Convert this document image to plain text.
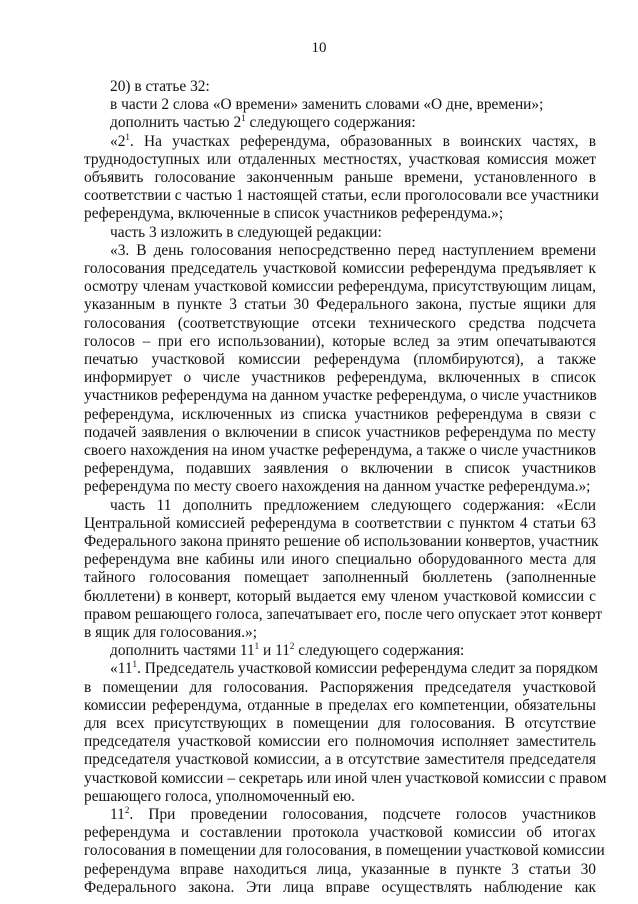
10
20) в статье 32:
в части 2 слова «О времени» заменить словами «О дне, времени»;
дополнить частью $2^1$ следующего содержания:
«$2^1$. На участках референдума, образованных в воинских частях, в
труднодоступных или отдаленных местностях, участковая комиссия может
объявить голосование законченным раньше времени, установленного в
соответствии с частью 1 настоящей статьи, если проголосовали все участники
референдума, включенные в список участников референдума.»;
часть 3 изложить в следующей редакции:
«3. В день голосования непосредственно перед наступлением времени
голосования председатель участковой комиссии референдума предъявляет к
осмотру членам участковой комиссии референдума, присутствующим лицам,
указанным в пункте 3 статьи 30 Федерального закона, пустые ящики для
голосования (соответствующие отсеки технического средства подсчета
голосов – при его использовании), которые вслед за этим опечатываются
печатью участковой комиссии референдума (пломбируются), а также
информирует о числе участников референдума, включенных в список
участников референдума на данном участке референдума, о числе участников
референдума, исключенных из списка участников референдума в связи с
подачей заявления о включении в список участников референдума по месту
своего нахождения на ином участке референдума, а также о числе участников
референдума, подавших заявления о включении в список участников
референдума по месту своего нахождения на данном участке референдума.»;
часть 11 дополнить предложением следующего содержания: «Если
Центральной комиссией референдума в соответствии с пунктом 4 статьи 63
Федерального закона принято решение об использовании конвертов, участник
референдума вне кабины или иного специально оборудованного места для
тайного голосования помещает заполненный бюллетень (заполненные
бюллетени) в конверт, который выдается ему членом участковой комиссии с
правом решающего голоса, запечатывает его, после чего опускает этот конверт
в ящик для голосования.»;
дополнить частями $11^1$ и $11^2$ следующего содержания:
«$11^1$. Председатель участковой комиссии референдума следит за порядком
в помещении для голосования. Распоряжения председателя участковой
комиссии референдума, отданные в пределах его компетенции, обязательны
для всех присутствующих в помещении для голосования. В отсутствие
председателя участковой комиссии его полномочия исполняет заместитель
председателя участковой комиссии, а в отсутствие заместителя председателя
участковой комиссии – секретарь или иной член участковой комиссии с правом
решающего голоса, уполномоченный ею.
$11^2$. При проведении голосования, подсчете голосов участников
референдума и составлении протокола участковой комиссии об итогах
голосования в помещении для голосования, в помещении участковой комиссии
референдума вправе находиться лица, указанные в пункте 3 статьи 30
Федерального закона. Эти лица вправе осуществлять наблюдение как
